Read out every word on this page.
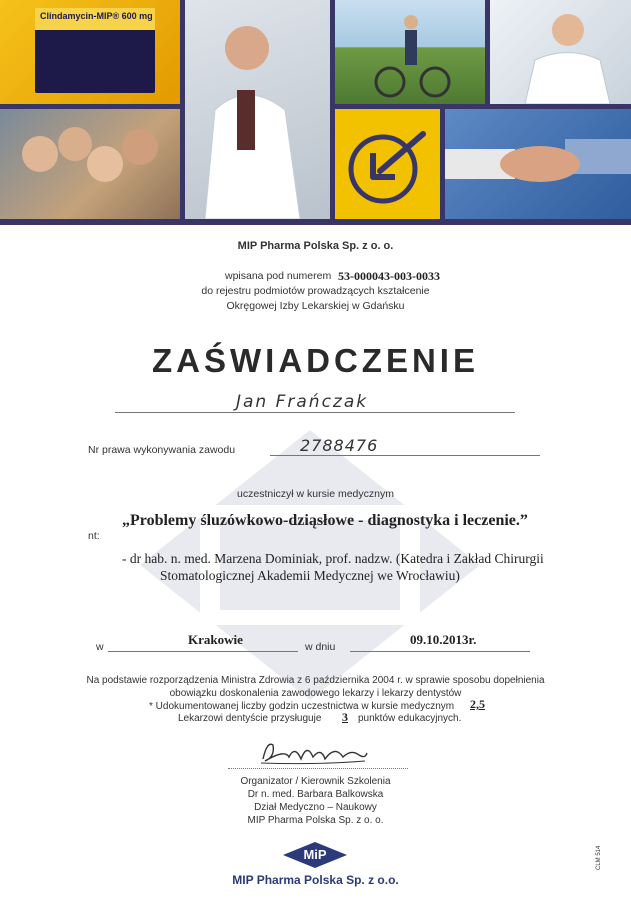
Clindamycin-MIP® 600 mg
MIP Pharma Polska Sp. z o. o.
wpisana pod numerem 53-000043-003-0033
do rejestru podmiotów prowadzących kształcenie
Okręgowej Izby Lekarskiej w Gdańsku
ZAŚWIADCZENIE
Jan Frańczak
Nr prawa wykonywania zawodu	2788476
uczestniczył w kursie medycznym
nt:
„Problemy śluzówkowo-dziąsłowe - diagnostyka i leczenie.”
- dr hab. n. med. Marzena Dominiak, prof. nadzw. (Katedra i Zakład Chirurgii
Stomatologicznej Akademii Medycznej we Wrocławiu)
w	Krakowie	w dniu	09.10.2013r.
Na podstawie rozporządzenia Ministra Zdrowia z 6 października 2004 r. w sprawie sposobu dopełnienia
obowiązku doskonalenia zawodowego lekarzy i lekarzy dentystów
* Udokumentowanej liczby godzin uczestnictwa w kursie medycznym 2,5
Lekarzowi dentyście przysługuje 3 punktów edukacyjnych.
Organizator / Kierownik Szkolenia
Dr n. med. Barbara Balkowska
Dział Medyczno – Naukowy
MIP Pharma Polska Sp. z o. o.
MiP
MIP Pharma Polska Sp. z o.o.
CLM 514
